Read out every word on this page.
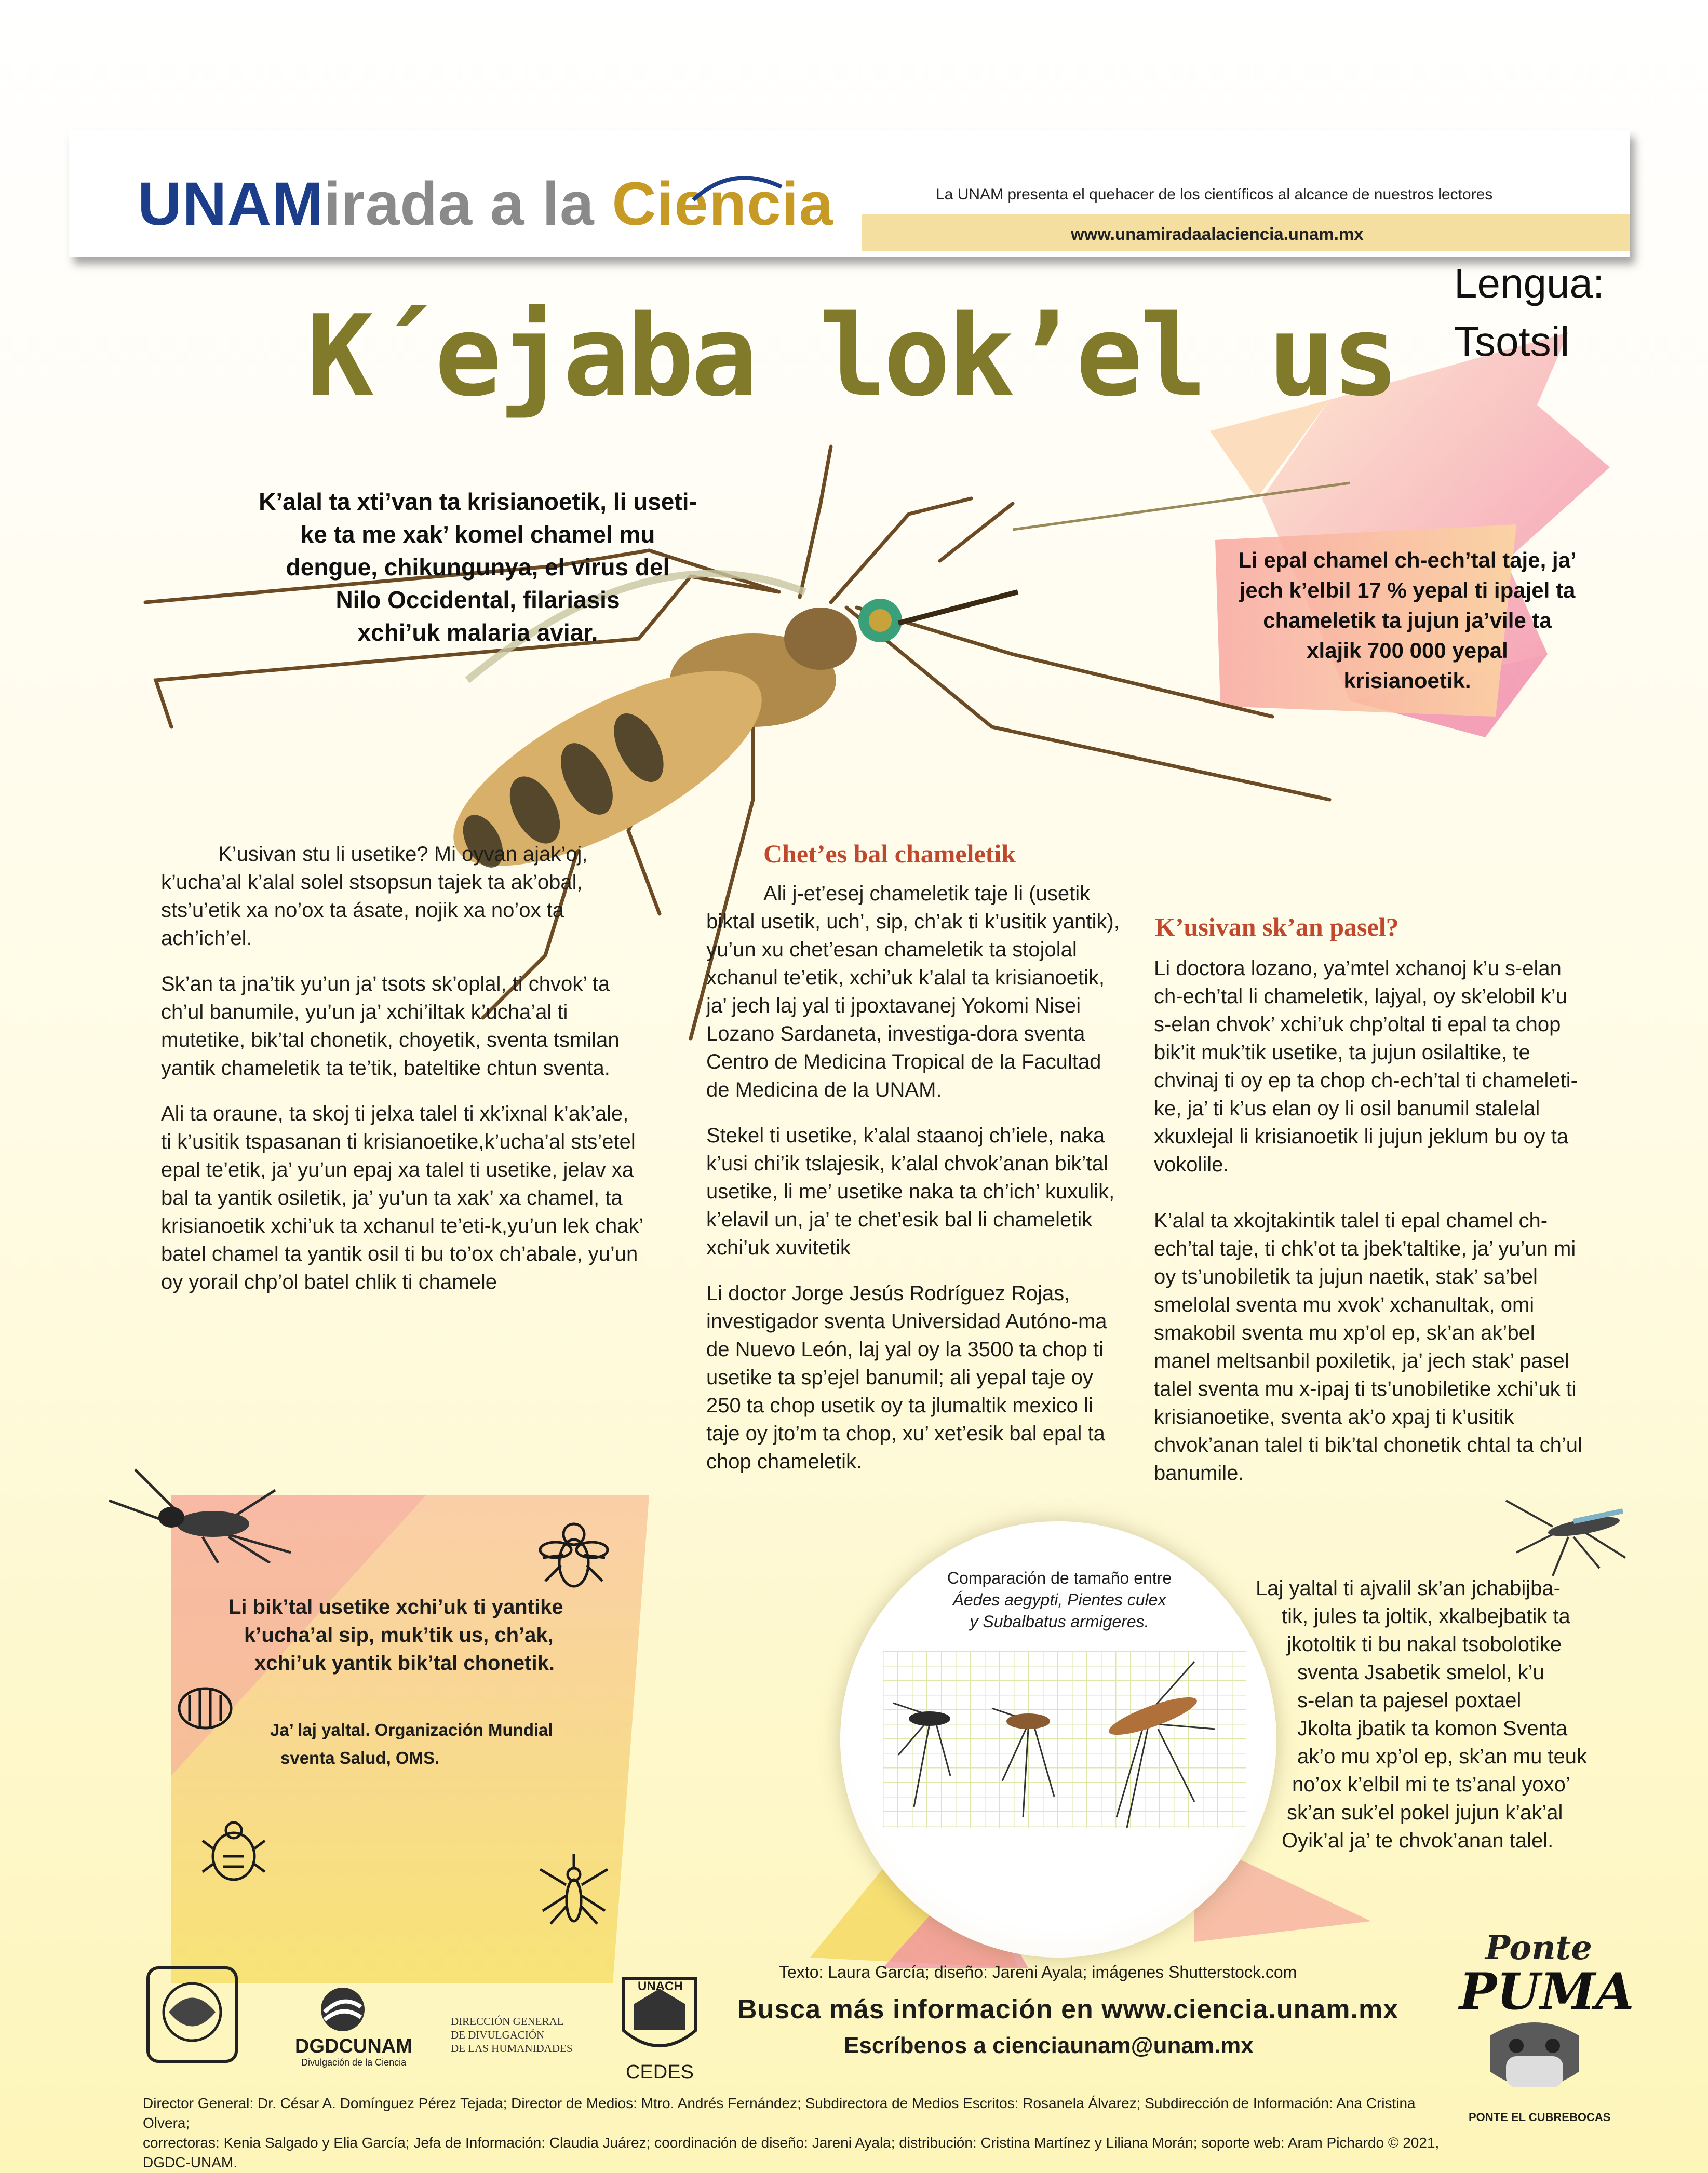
UNAMirada a la Ciencia	La UNAM presenta el quehacer de los científicos al alcance de nuestros lectores
www.unamiradaalaciencia.unam.mx
Lengua:
Tsotsil
K´ejaba lok’el us
K’alal ta xti’van ta krisianoetik, li useti-
ke ta me xak’ komel chamel mu
dengue, chikungunya, el virus del
Nilo Occidental, filariasis
xchi’uk malaria aviar.
Li epal chamel ch-ech’tal taje, ja’
jech k’elbil 17 % yepal ti ipajel ta
chameletik ta jujun ja’vile ta
xlajik 700 000 yepal
krisianoetik.

K’usivan stu li usetike? Mi oyvan ajak’oj, k’ucha’al k’alal solel stsopsun tajek ta ak’obal, sts’u’etik xa no’ox ta ásate, nojik xa no’ox ta ach’ich’el.

Sk’an ta jna’tik yu’un ja’ tsots sk’oplal, ti chvok’ ta ch’ul banumile, yu’un ja’ xchi’iltak k’ucha’al ti mutetike, bik’tal chonetik, choyetik, sventa tsmilan yantik chameletik ta te’tik, bateltike chtun sventa.

Ali ta oraune, ta skoj ti jelxa talel ti xk’ixnal k’ak’ale, ti k’usitik tspasanan ti krisianoetike,k’ucha’al sts’etel epal te’etik, ja’ yu’un epaj xa talel ti usetike, jelav xa bal ta yantik osiletik, ja’ yu’un ta xak’ xa chamel, ta krisianoetik xchi’uk ta xchanul te’eti-k,yu’un lek chak’ batel chamel ta yantik osil ti bu to’ox ch’abale, yu’un oy yorail chp’ol batel chlik ti chamele

Chet’es bal chameletik

Ali j-et’esej chameletik taje li (usetik biktal usetik, uch’, sip, ch’ak ti k’usitik yantik), yu’un xu chet’esan chameletik ta stojolal xchanul te’etik, xchi’uk k’alal ta krisianoetik, ja’ jech laj yal ti jpoxtavanej Yokomi Nisei Lozano Sardaneta, investiga-dora sventa Centro de Medicina Tropical de la Facultad de Medicina de la UNAM.

Stekel ti usetike, k’alal staanoj ch’iele, naka k’usi chi’ik tslajesik, k’alal chvok’anan bik’tal usetike, li me’ usetike naka ta ch’ich’ kuxulik, k’elavil un, ja’ te chet’esik bal li chameletik xchi’uk xuvitetik

Li doctor Jorge Jesús Rodríguez Rojas, investigador sventa Universidad Autóno-ma de Nuevo León, laj yal oy la 3500 ta chop ti usetike ta sp’ejel banumil; ali yepal taje oy 250 ta chop usetik oy ta jlumaltik mexico li taje oy jto’m ta chop, xu’ xet’esik bal epal ta chop chameletik.

K’usivan sk’an pasel?

Li doctora lozano, ya’mtel xchanoj k’u s-elan ch-ech’tal li chameletik, lajyal, oy sk’elobil k’u s-elan chvok’ xchi’uk chp’oltal ti epal ta chop bik’it muk’tik usetike, ta jujun osilaltike, te chvinaj ti oy ep ta chop ch-ech’tal ti chameleti-ke, ja’ ti k’us elan oy li osil banumil stalelal xkuxlejal li krisianoetik li jujun jeklum bu oy ta vokolile.

K’alal ta xkojtakintik talel ti epal chamel ch-ech’tal taje, ti chk’ot ta jbek’taltike, ja’ yu’un mi oy ts’unobiletik ta jujun naetik, stak’ sa’bel smelolal sventa mu xvok’ xchanultak, omi smakobil sventa mu xp’ol ep, sk’an ak’bel manel meltsanbil poxiletik, ja’ jech stak’ pasel talel sventa mu x-ipaj ti ts’unobiletike xchi’uk ti krisianoetike, sventa ak’o xpaj ti k’usitik chvok’anan talel ti bik’tal chonetik chtal ta ch’ul banumile.

Li bik’tal usetike xchi’uk ti yantike
k’ucha’al sip, muk’tik us, ch’ak,
xchi’uk yantik bik’tal chonetik.
Ja’ laj yaltal. Organización Mundial
sventa Salud, OMS.
Comparación de tamaño entre
Áedes aegypti, Pientes culex
y Subalbatus armigeres.
Laj yaltal ti ajvalil sk’an jchabijba-
tik, jules ta joltik, xkalbejbatik ta
jkotoltik ti bu nakal tsobolotike
sventa Jsabetik smelol, k’u
s-elan ta pajesel poxtael
Jkolta jbatik ta komon Sventa
ak’o mu xp’ol ep, sk’an mu teuk
no’ox k’elbil mi te ts’anal yoxo’
sk’an suk’el pokel jujun k’ak’al
Oyik’al ja’ te chvok’anan talel.
Texto: Laura García; diseño: Jareni Ayala; imágenes Shutterstock.com
Busca más información en www.ciencia.unam.mx
Escríbenos a cienciaunam@unam.mx
DGDCUNAM
Divulgación de la Ciencia
DIRECCIÓN GENERAL
DE DIVULGACIÓN
DE LAS HUMANIDADES
UNACH
CEDES
Ponte
PUMA
PONTE EL CUBREBOCAS
Director General: Dr. César A. Domínguez Pérez Tejada; Director de Medios: Mtro. Andrés Fernández; Subdirectora de Medios Escritos: Rosanela Álvarez; Subdirección de Información: Ana Cristina Olvera;
correctoras: Kenia Salgado y Elia García; Jefa de Información: Claudia Juárez; coordinación de diseño: Jareni Ayala; distribución: Cristina Martínez y Liliana Morán; soporte web: Aram Pichardo © 2021, DGDC-UNAM.
